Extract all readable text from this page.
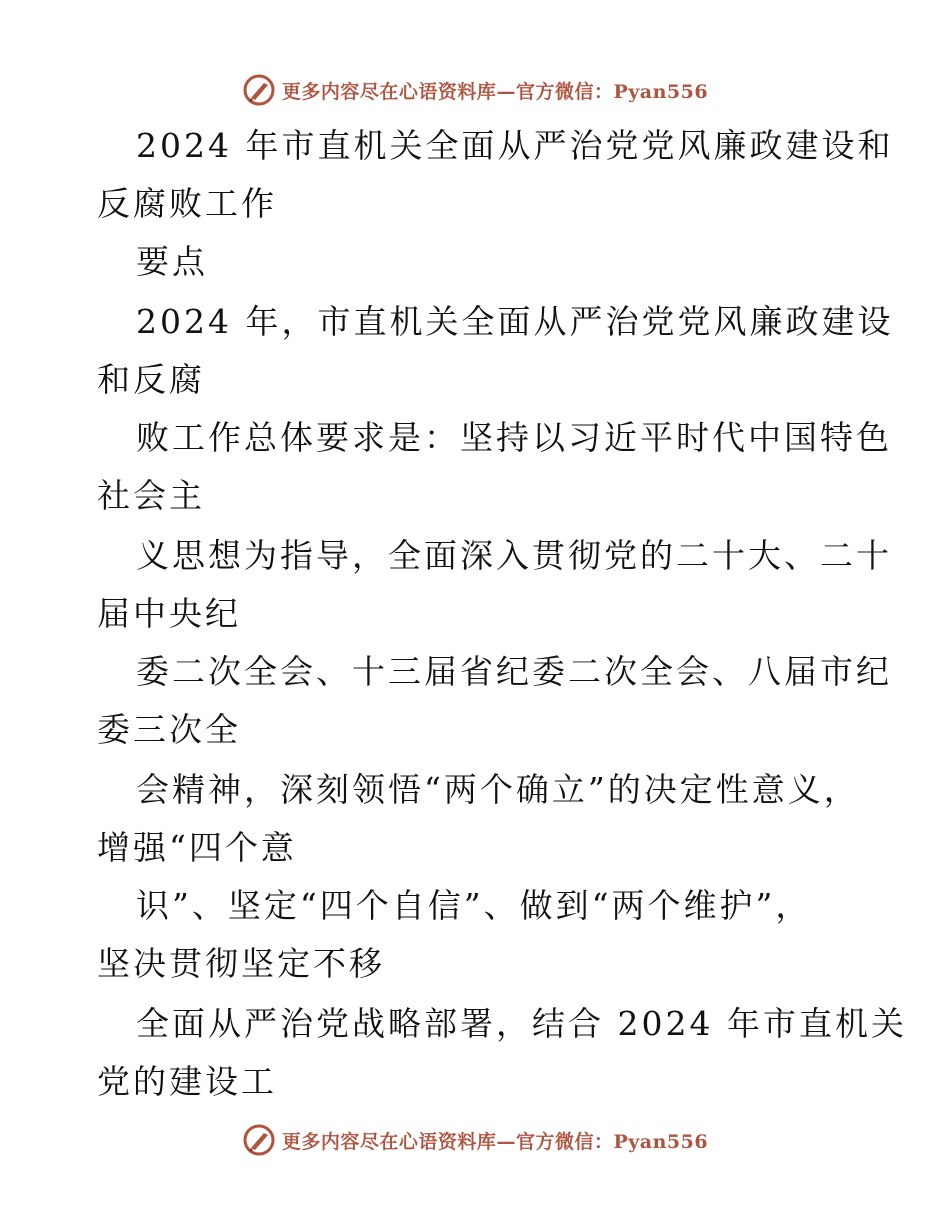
更多内容尽在心语资料库—官方微信：Pyan556
2024 年市直机关全面从严治党党风廉政建设和
反腐败工作
要点
2024 年，市直机关全面从严治党党风廉政建设
和反腐
败工作总体要求是：坚持以习近平时代中国特色
社会主
义思想为指导，全面深入贯彻党的二十大、二十
届中央纪
委二次全会、十三届省纪委二次全会、八届市纪
委三次全
会精神，深刻领悟“两个确立”的决定性意义，
增强“四个意
识”、坚定“四个自信”、做到“两个维护”，
坚决贯彻坚定不移
全面从严治党战略部署，结合 2024 年市直机关
党的建设工
更多内容尽在心语资料库—官方微信：Pyan556
